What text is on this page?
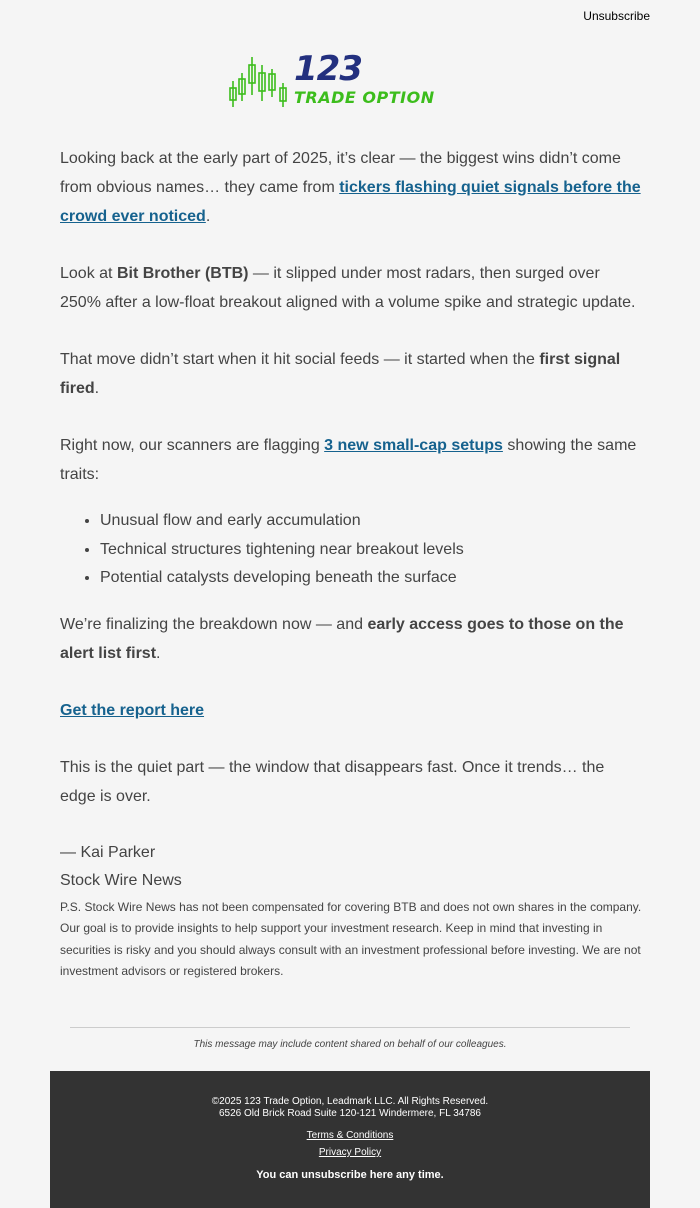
Unsubscribe
123
TRADE OPTION

Looking back at the early part of 2025, it’s clear — the biggest wins didn’t come from obvious names… they came from tickers flashing quiet signals before the crowd ever noticed.

Look at Bit Brother (BTB) — it slipped under most radars, then surged over 250% after a low-float breakout aligned with a volume spike and strategic update.

That move didn’t start when it hit social feeds — it started when the first signal fired.

Right now, our scanners are flagging 3 new small-cap setups showing the same traits:

• Unusual flow and early accumulation
• Technical structures tightening near breakout levels
• Potential catalysts developing beneath the surface

We’re finalizing the breakdown now — and early access goes to those on the alert list first.

Get the report here

This is the quiet part — the window that disappears fast. Once it trends… the edge is over.

— Kai Parker

Stock Wire News

P.S. Stock Wire News has not been compensated for covering BTB and does not own shares in the company. Our goal is to provide insights to help support your investment research. Keep in mind that investing in securities is risky and you should always consult with an investment professional before investing. We are not investment advisors or registered brokers.

This message may include content shared on behalf of our colleagues.
©2025 123 Trade Option, Leadmark LLC. All Rights Reserved.
6526 Old Brick Road Suite 120-121 Windermere, FL 34786
Terms & Conditions
Privacy Policy
You can unsubscribe here any time.
